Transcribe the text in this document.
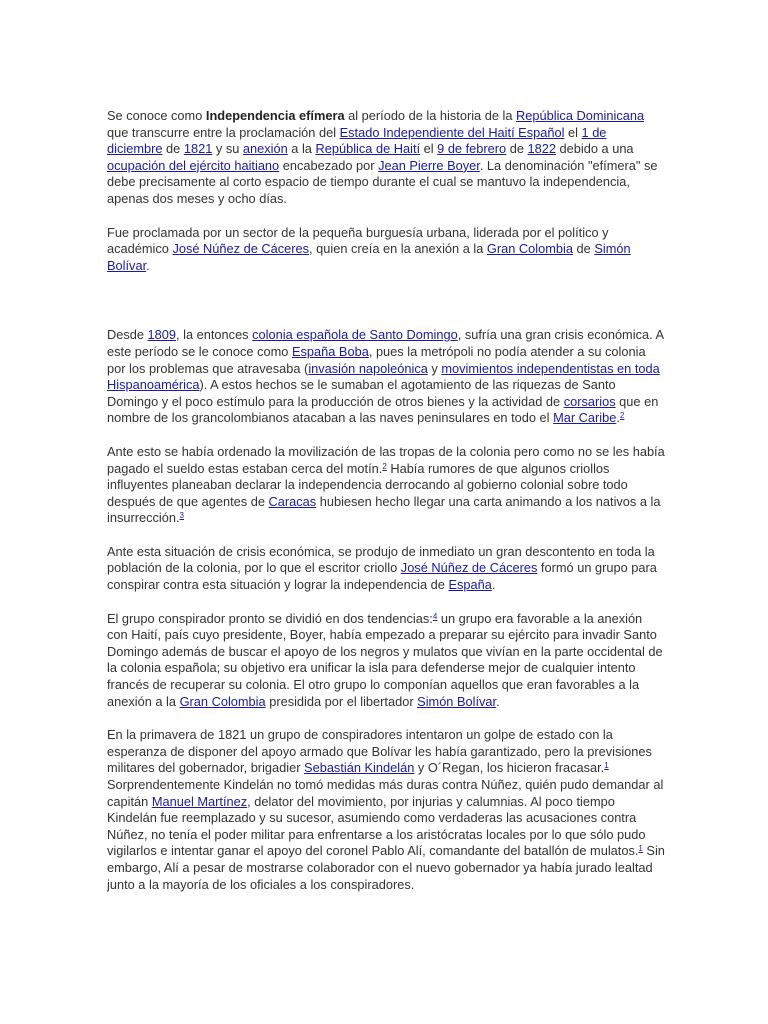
Se conoce como Independencia efímera al período de la historia de la República Dominicana que transcurre entre la proclamación del Estado Independiente del Haití Español el 1 de diciembre de 1821 y su anexión a la República de Haití el 9 de febrero de 1822 debido a una ocupación del ejército haitiano encabezado por Jean Pierre Boyer. La denominación "efímera" se debe precisamente al corto espacio de tiempo durante el cual se mantuvo la independencia, apenas dos meses y ocho días.

Fue proclamada por un sector de la pequeña burguesía urbana, liderada por el político y académico José Núñez de Cáceres, quien creía en la anexión a la Gran Colombia de Simón Bolívar.

Desde 1809, la entonces colonia española de Santo Domingo, sufría una gran crisis económica. A este período se le conoce como España Boba, pues la metrópoli no podía atender a su colonia por los problemas que atravesaba (invasión napoleónica y movimientos independentistas en toda Hispanoamérica). A estos hechos se le sumaban el agotamiento de las riquezas de Santo Domingo y el poco estímulo para la producción de otros bienes y la actividad de corsarios que en nombre de los grancolombianos atacaban a las naves peninsulares en todo el Mar Caribe.$^2$

Ante esto se había ordenado la movilización de las tropas de la colonia pero como no se les había pagado el sueldo estas estaban cerca del motín.$^2$ Había rumores de que algunos criollos influyentes planeaban declarar la independencia derrocando al gobierno colonial sobre todo después de que agentes de Caracas hubiesen hecho llegar una carta animando a los nativos a la insurrección.$^3$

Ante esta situación de crisis económica, se produjo de inmediato un gran descontento en toda la población de la colonia, por lo que el escritor criollo José Núñez de Cáceres formó un grupo para conspirar contra esta situación y lograr la independencia de España.

El grupo conspirador pronto se dividió en dos tendencias:$^4$ un grupo era favorable a la anexión con Haití, país cuyo presidente, Boyer, había empezado a preparar su ejército para invadir Santo Domingo además de buscar el apoyo de los negros y mulatos que vivían en la parte occidental de la colonia española; su objetivo era unificar la isla para defenderse mejor de cualquier intento francés de recuperar su colonia. El otro grupo lo componían aquellos que eran favorables a la anexión a la Gran Colombia presidida por el libertador Simón Bolívar.

En la primavera de 1821 un grupo de conspiradores intentaron un golpe de estado con la esperanza de disponer del apoyo armado que Bolívar les había garantizado, pero la previsiones militares del gobernador, brigadier Sebastián Kindelán y O´Regan, los hicieron fracasar.$^1$ Sorprendentemente Kindelán no tomó medidas más duras contra Núñez, quién pudo demandar al capitán Manuel Martínez, delator del movimiento, por injurias y calumnias. Al poco tiempo Kindelán fue reemplazado y su sucesor, asumiendo como verdaderas las acusaciones contra Núñez, no tenía el poder militar para enfrentarse a los aristócratas locales por lo que sólo pudo vigilarlos e intentar ganar el apoyo del coronel Pablo Alí, comandante del batallón de mulatos.$^1$ Sin embargo, Alí a pesar de mostrarse colaborador con el nuevo gobernador ya había jurado lealtad junto a la mayoría de los oficiales a los conspiradores.
